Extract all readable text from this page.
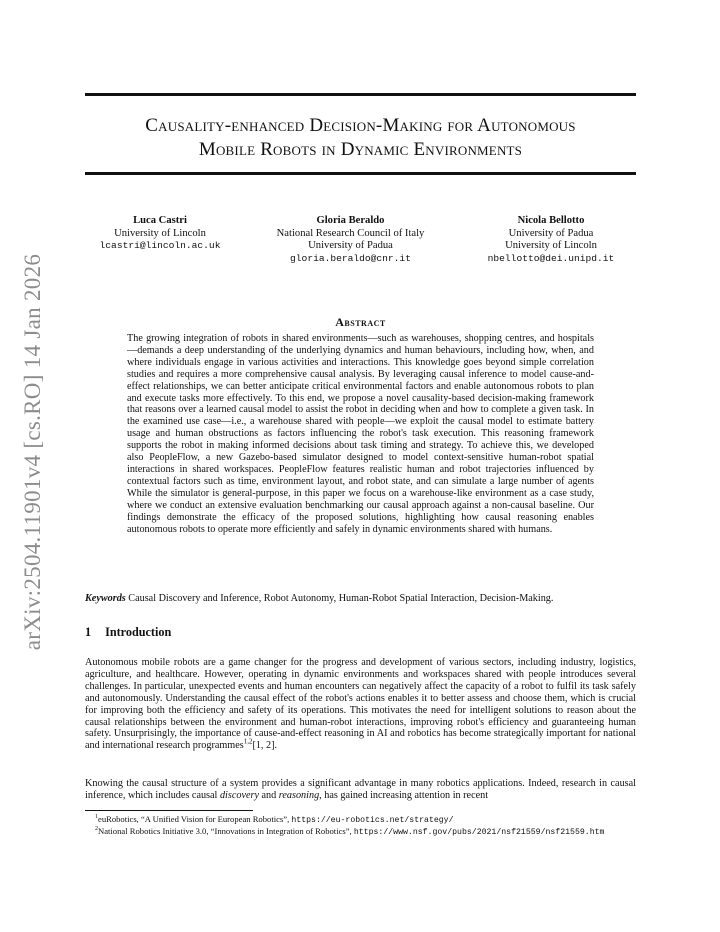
arXiv:2504.11901v4 [cs.RO] 14 Jan 2026
Causality-enhanced Decision-Making for Autonomous
Mobile Robots in Dynamic Environments
Luca Castri
University of Lincoln
lcastri@lincoln.ac.uk
Gloria Beraldo
National Research Council of Italy
University of Padua
gloria.beraldo@cnr.it
Nicola Bellotto
University of Padua
University of Lincoln
nbellotto@dei.unipd.it
Abstract
The growing integration of robots in shared environments—such as warehouses, shopping centres, and hospitals—demands a deep understanding of the underlying dynamics and human behaviours, including how, when, and where individuals engage in various activities and interactions. This knowledge goes beyond simple correlation studies and requires a more comprehensive causal analysis. By leveraging causal inference to model cause-and-effect relationships, we can better anticipate critical environmental factors and enable autonomous robots to plan and execute tasks more effectively. To this end, we propose a novel causality-based decision-making framework that reasons over a learned causal model to assist the robot in deciding when and how to complete a given task. In the examined use case—i.e., a warehouse shared with people—we exploit the causal model to estimate battery usage and human obstructions as factors influencing the robot's task execution. This reasoning framework supports the robot in making informed decisions about task timing and strategy. To achieve this, we developed also PeopleFlow, a new Gazebo-based simulator designed to model context-sensitive human-robot spatial interactions in shared workspaces. PeopleFlow features realistic human and robot trajectories influenced by contextual factors such as time, environment layout, and robot state, and can simulate a large number of agents While the simulator is general-purpose, in this paper we focus on a warehouse-like environment as a case study, where we conduct an extensive evaluation benchmarking our causal approach against a non-causal baseline. Our findings demonstrate the efficacy of the proposed solutions, highlighting how causal reasoning enables autonomous robots to operate more efficiently and safely in dynamic environments shared with humans.
Keywords Causal Discovery and Inference, Robot Autonomy, Human-Robot Spatial Interaction, Decision-Making.
1 Introduction
Autonomous mobile robots are a game changer for the progress and development of various sectors, including industry, logistics, agriculture, and healthcare. However, operating in dynamic environments and workspaces shared with people introduces several challenges. In particular, unexpected events and human encounters can negatively affect the capacity of a robot to fulfil its task safely and autonomously. Understanding the causal effect of the robot's actions enables it to better assess and choose them, which is crucial for improving both the efficiency and safety of its operations. This motivates the need for intelligent solutions to reason about the causal relationships between the environment and human-robot interactions, improving robot's efficiency and guaranteeing human safety. Unsurprisingly, the importance of cause-and-effect reasoning in AI and robotics has become strategically important for national and international research programmes$^{1,2}$[1, 2].
Knowing the causal structure of a system provides a significant advantage in many robotics applications. Indeed, research in causal inference, which includes causal discovery and reasoning, has gained increasing attention in recent
$^1$euRobotics, “A Unified Vision for European Robotics”, https://eu-robotics.net/strategy/
$^2$National Robotics Initiative 3.0, “Innovations in Integration of Robotics”, https://www.nsf.gov/pubs/2021/nsf21559/nsf21559.htm
